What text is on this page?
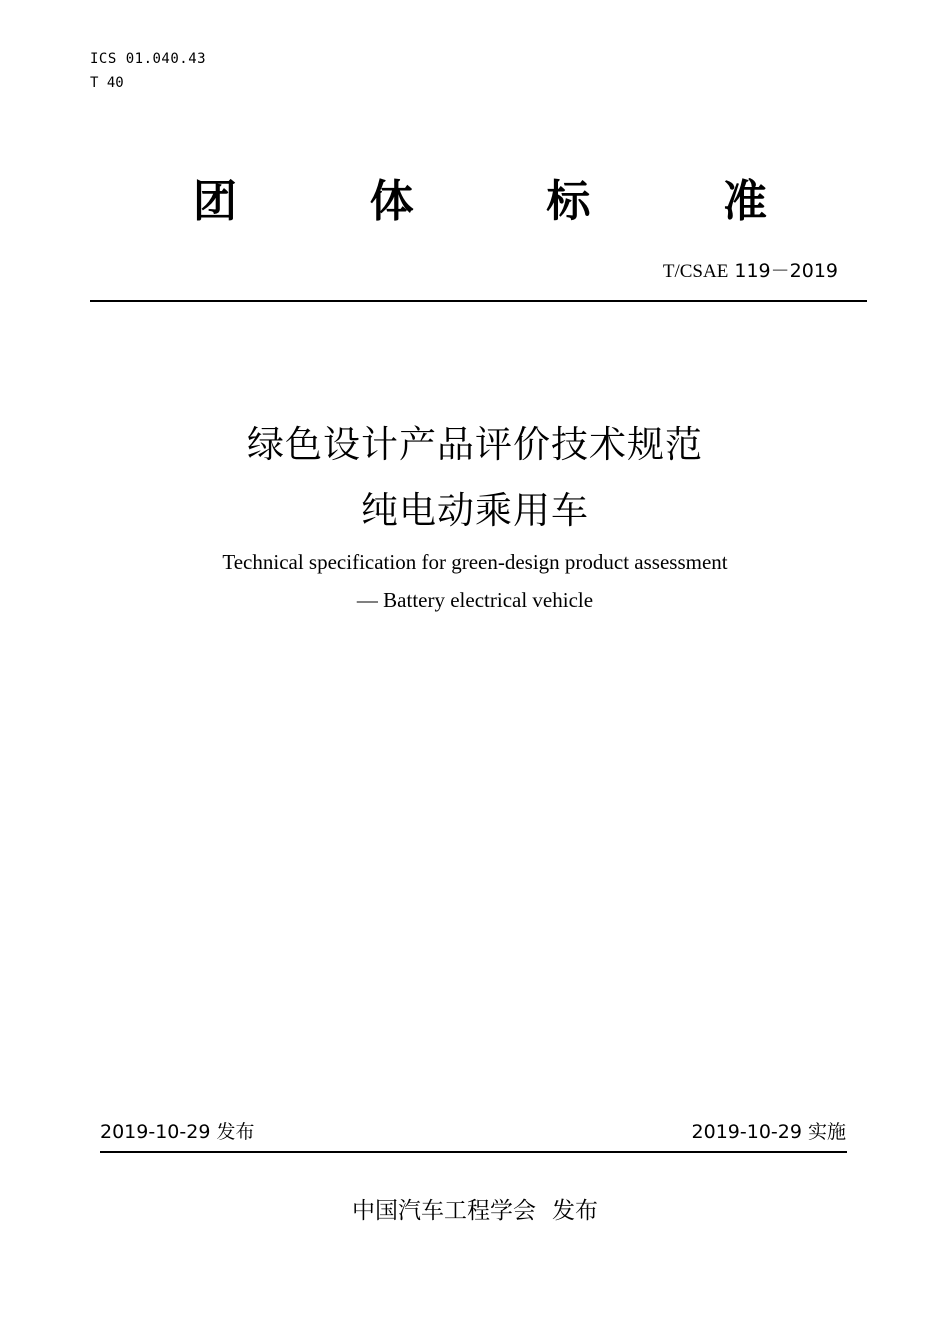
ICS 01.040.43
T 40
团	体	标	准
T/CSAE 119－2019
绿色设计产品评价技术规范
纯电动乘用车
Technical specification for green-design product assessment
— Battery electrical vehicle
2019-10-29 发布	2019-10-29 实施
中国汽车工程学会 发布
